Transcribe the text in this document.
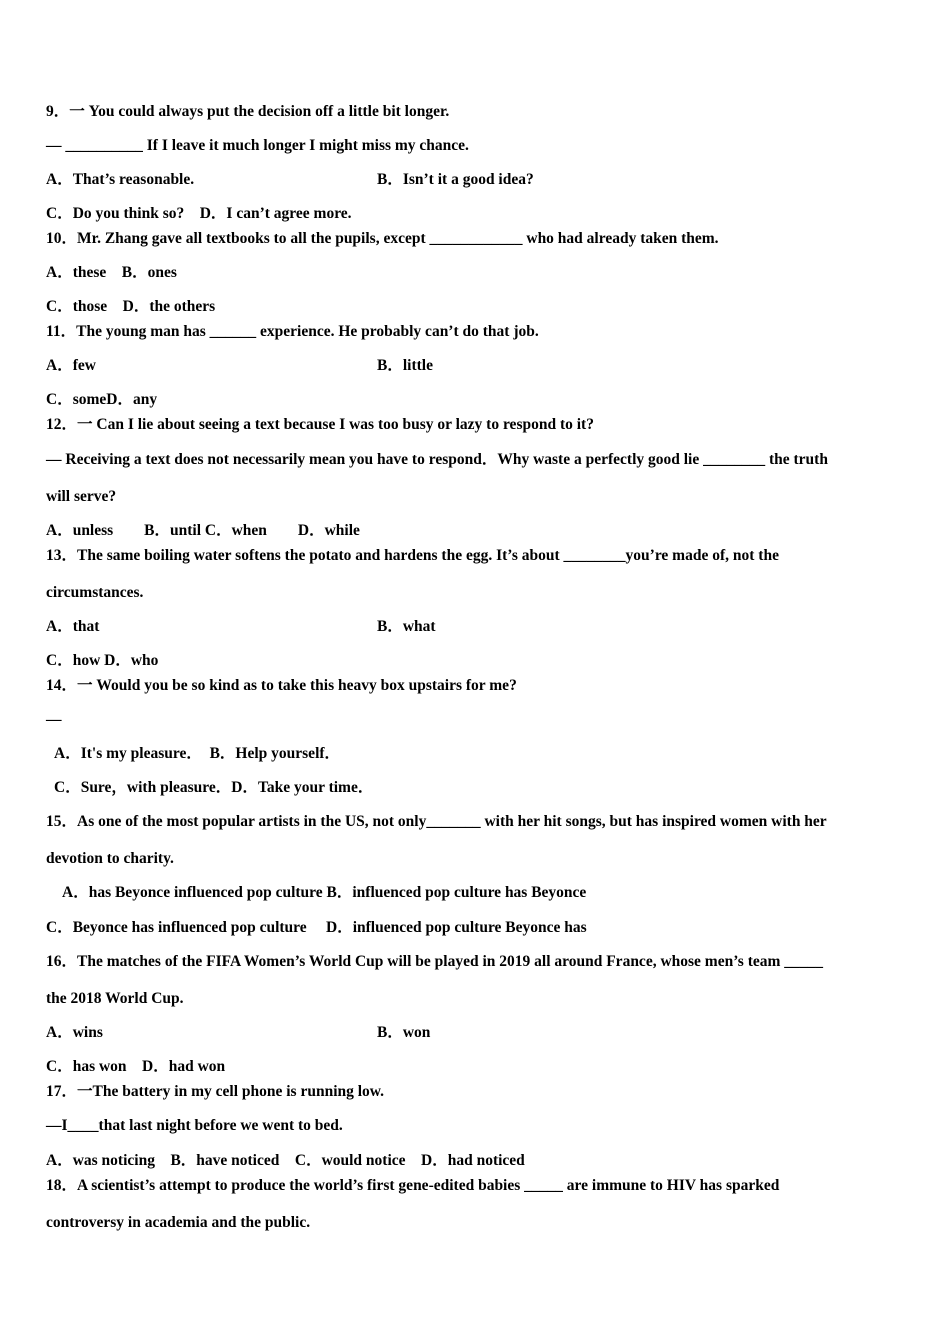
9．一 You could always put the decision off a little bit longer.
— __________ If I leave it much longer I might miss my chance.
A．That’s reasonable.	B．Isn’t it a good idea?
C．Do you think so?　D．I can’t agree more.
10．Mr. Zhang gave all textbooks to all the pupils, except ____________ who had already taken them.
A．these　B．ones
C．those　D．the others
11．The young man has ______ experience. He probably can’t do that job.
A．few	B．little
C．someD．any
12．一 Can I lie about seeing a text because I was too busy or lazy to respond to it?
— Receiving a text does not necessarily mean you have to respond．Why waste a perfectly good lie ________ the truth
will serve?
A．unless　　B．until C．when　　D．while
13．The same boiling water softens the potato and hardens the egg. It’s about ________you’re made of, not the
circumstances.
A．that	B．what
C．how D．who
14．一 Would you be so kind as to take this heavy box upstairs for me?
—
A．It's my pleasure．　B．Help yourself．
C．Sure，with pleasure．D．Take your time．
15．As one of the most popular artists in the US, not only_______ with her hit songs, but has inspired women with her
devotion to charity.
A．has Beyonce influenced pop culture B．influenced pop culture has Beyonce
C．Beyonce has influenced pop culture　 D．influenced pop culture Beyonce has
16．The matches of the FIFA Women’s World Cup will be played in 2019 all around France, whose men’s team _____
the 2018 World Cup.
A．wins	B．won
C．has won　D．had won
17．一The battery in my cell phone is running low.
—I____that last night before we went to bed.
A．was noticing　B．have noticed　C．would notice　D．had noticed
18．A scientist’s attempt to produce the world’s first gene-edited babies _____ are immune to HIV has sparked
controversy in academia and the public.
